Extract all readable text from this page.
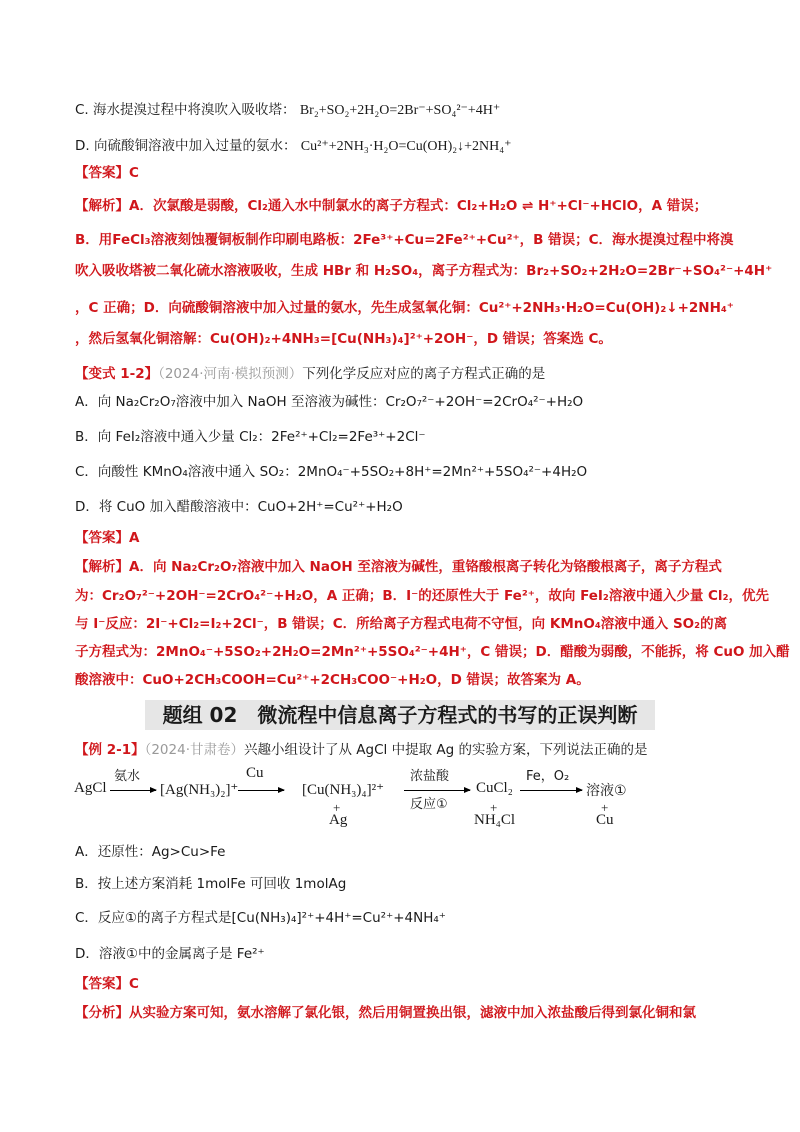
C. 海水提溴过程中将溴吹入吸收塔： Br₂+SO₂+2H₂O=2Br⁻+SO₄²⁻+4H⁺
D. 向硫酸铜溶液中加入过量的氨水： Cu²⁺+2NH₃·H₂O=Cu(OH)₂↓+2NH₄⁺
【答案】C
【解析】A．次氯酸是弱酸，Cl₂通入水中制氯水的离子方程式：Cl₂+H₂O ⇌ H⁺+Cl⁻+HClO，A 错误；
B．用FeCl₃溶液刻蚀覆铜板制作印刷电路板：2Fe³⁺+Cu=2Fe²⁺+Cu²⁺，B 错误；C．海水提溴过程中将溴
吹入吸收塔被二氧化硫水溶液吸收，生成 HBr 和 H₂SO₄，离子方程式为：Br₂+SO₂+2H₂O=2Br⁻+SO₄²⁻+4H⁺
，C 正确；D．向硫酸铜溶液中加入过量的氨水，先生成氢氧化铜：Cu²⁺+2NH₃·H₂O=Cu(OH)₂↓+2NH₄⁺
，然后氢氧化铜溶解：Cu(OH)₂+4NH₃=[Cu(NH₃)₄]²⁺+2OH⁻，D 错误；答案选 C。
【变式 1-2】（2024·河南·模拟预测）下列化学反应对应的离子方程式正确的是
A．向 Na₂Cr₂O₇溶液中加入 NaOH 至溶液为碱性：Cr₂O₇²⁻+2OH⁻=2CrO₄²⁻+H₂O
B．向 FeI₂溶液中通入少量 Cl₂：2Fe²⁺+Cl₂=2Fe³⁺+2Cl⁻
C．向酸性 KMnO₄溶液中通入 SO₂：2MnO₄⁻+5SO₂+8H⁺=2Mn²⁺+5SO₄²⁻+4H₂O
D．将 CuO 加入醋酸溶液中：CuO+2H⁺=Cu²⁺+H₂O
【答案】A
【解析】A．向 Na₂Cr₂O₇溶液中加入 NaOH 至溶液为碱性，重铬酸根离子转化为铬酸根离子，离子方程式
为：Cr₂O₇²⁻+2OH⁻=2CrO₄²⁻+H₂O，A 正确；B．I⁻的还原性大于 Fe²⁺，故向 FeI₂溶液中通入少量 Cl₂，优先
与 I⁻反应：2I⁻+Cl₂=I₂+2Cl⁻，B 错误；C．所给离子方程式电荷不守恒，向 KMnO₄溶液中通入 SO₂的离
子方程式为：2MnO₄⁻+5SO₂+2H₂O=2Mn²⁺+5SO₄²⁻+4H⁺，C 错误；D．醋酸为弱酸，不能拆，将 CuO 加入醋
酸溶液中：CuO+2CH₃COOH=Cu²⁺+2CH₃COO⁻+H₂O，D 错误；故答案为 A。
题组 02　微流程中信息离子方程式的书写的正误判断
【例 2-1】（2024·甘肃卷）兴趣小组设计了从 AgCl 中提取 Ag 的实验方案，下列说法正确的是
AgCl
氨水
[Ag(NH₃)₂]⁺
Cu
[Cu(NH₃)₄]²⁺
+
Ag
浓盐酸
反应①
CuCl₂
+
NH₄Cl
Fe，O₂
溶液①
+
Cu
A．还原性：Ag>Cu>Fe
B．按上述方案消耗 1molFe 可回收 1molAg
C．反应①的离子方程式是[Cu(NH₃)₄]²⁺+4H⁺=Cu²⁺+4NH₄⁺
D．溶液①中的金属离子是 Fe²⁺
【答案】C
【分析】从实验方案可知，氨水溶解了氯化银，然后用铜置换出银，滤液中加入浓盐酸后得到氯化铜和氯
